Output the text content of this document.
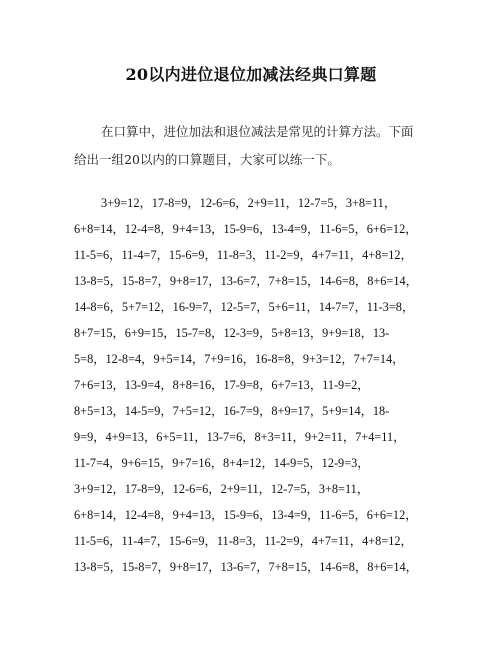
20以内进位退位加减法经典口算题
在口算中，进位加法和退位减法是常见的计算方法。下面
给出一组20以内的口算题目，大家可以练一下。
3+9=12，17-8=9，12-6=6，2+9=11，12-7=5，3+8=11，
6+8=14，12-4=8，9+4=13，15-9=6，13-4=9，11-6=5，6+6=12，
11-5=6，11-4=7，15-6=9，11-8=3，11-2=9，4+7=11，4+8=12，
13-8=5，15-8=7，9+8=17，13-6=7，7+8=15，14-6=8，8+6=14，
14-8=6，5+7=12，16-9=7，12-5=7，5+6=11，14-7=7，11-3=8，
8+7=15，6+9=15，15-7=8，12-3=9，5+8=13，9+9=18，13-
5=8，12-8=4，9+5=14，7+9=16，16-8=8，9+3=12，7+7=14，
7+6=13，13-9=4，8+8=16，17-9=8，6+7=13，11-9=2，
8+5=13，14-5=9，7+5=12，16-7=9，8+9=17，5+9=14，18-
9=9，4+9=13，6+5=11，13-7=6，8+3=11，9+2=11，7+4=11，
11-7=4，9+6=15，9+7=16，8+4=12，14-9=5，12-9=3，
3+9=12，17-8=9，12-6=6，2+9=11，12-7=5，3+8=11，
6+8=14，12-4=8，9+4=13，15-9=6，13-4=9，11-6=5，6+6=12，
11-5=6，11-4=7，15-6=9，11-8=3，11-2=9，4+7=11，4+8=12，
13-8=5，15-8=7，9+8=17，13-6=7，7+8=15，14-6=8，8+6=14，
